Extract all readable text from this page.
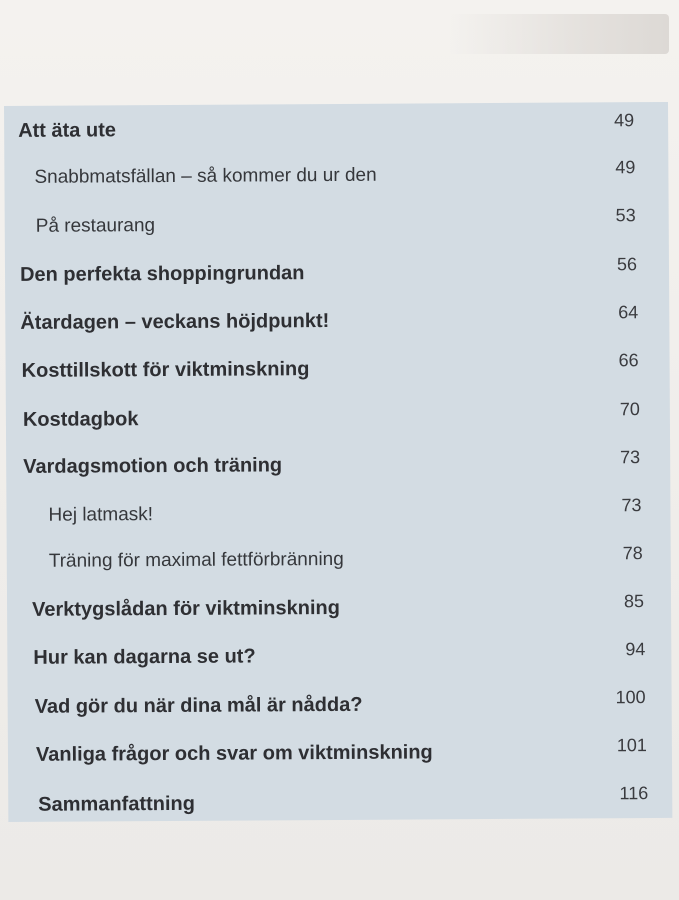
Att äta ute	49
Snabbmatsfällan – så kommer du ur den	49
På restaurang	53
Den perfekta shoppingrundan	56
Ätardagen – veckans höjdpunkt!	64
Kosttillskott för viktminskning	66
Kostdagbok	70
Vardagsmotion och träning	73
Hej latmask!	73
Träning för maximal fettförbränning	78
Verktygslådan för viktminskning	85
Hur kan dagarna se ut?	94
Vad gör du när dina mål är nådda?	100
Vanliga frågor och svar om viktminskning	101
Sammanfattning	116
